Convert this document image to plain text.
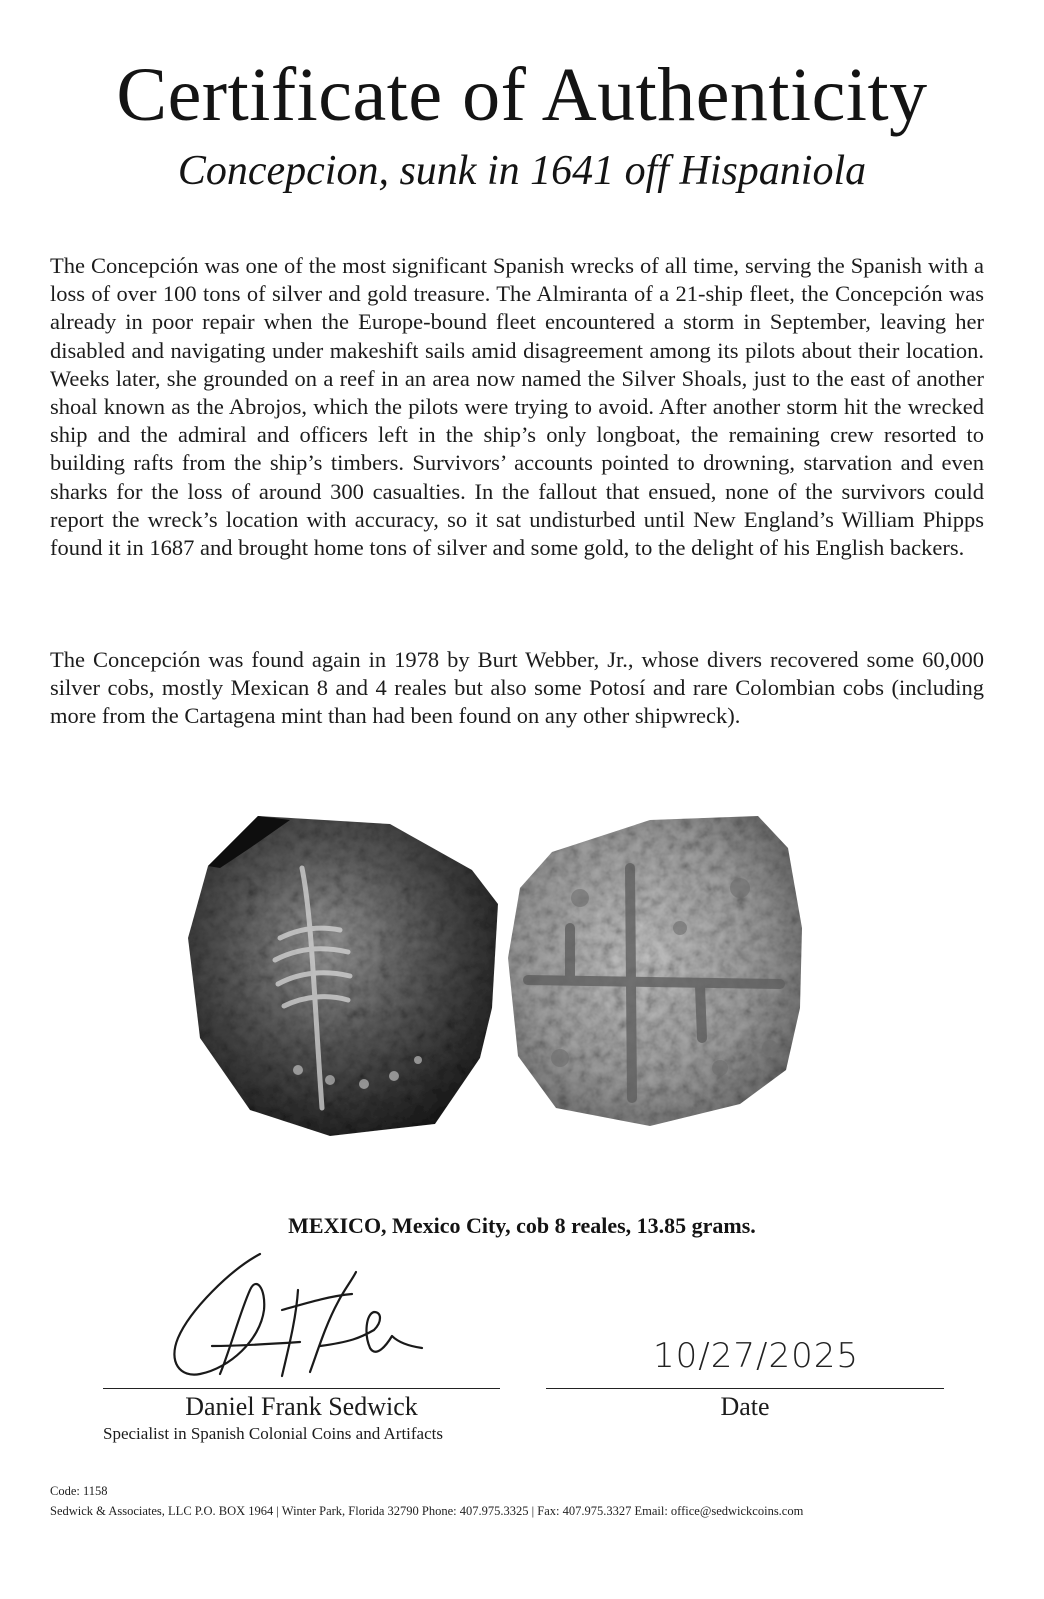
Certificate of Authenticity
Concepcion, sunk in 1641 off Hispaniola

The Concepción was one of the most significant Spanish wrecks of all time, serving the Spanish with a loss of over 100 tons of silver and gold treasure. The Almiranta of a 21-ship fleet, the Concepción was already in poor repair when the Europe-bound fleet encountered a storm in September, leaving her disabled and navigating under makeshift sails amid disagreement among its pilots about their location. Weeks later, she grounded on a reef in an area now named the Silver Shoals, just to the east of another shoal known as the Abrojos, which the pilots were trying to avoid. After another storm hit the wrecked ship and the admiral and officers left in the ship’s only longboat, the remaining crew resorted to building rafts from the ship’s timbers. Survivors’ accounts pointed to drowning, starvation and even sharks for the loss of around 300 casualties. In the fallout that ensued, none of the survivors could report the wreck’s location with accuracy, so it sat undisturbed until New England’s William Phipps found it in 1687 and brought home tons of silver and some gold, to the delight of his English backers.

The Concepción was found again in 1978 by Burt Webber, Jr., whose divers recovered some 60,000 silver cobs, mostly Mexican 8 and 4 reales but also some Potosí and rare Colombian cobs (including more from the Cartagena mint than had been found on any other shipwreck).

MEXICO, Mexico City, cob 8 reales, 13.85 grams.
10/27/2025
Daniel Frank Sedwick
Specialist in Spanish Colonial Coins and Artifacts
Date
Code: 1158
Sedwick & Associates, LLC P.O. BOX 1964 | Winter Park, Florida 32790 Phone: 407.975.3325 | Fax: 407.975.3327 Email: office@sedwickcoins.com
